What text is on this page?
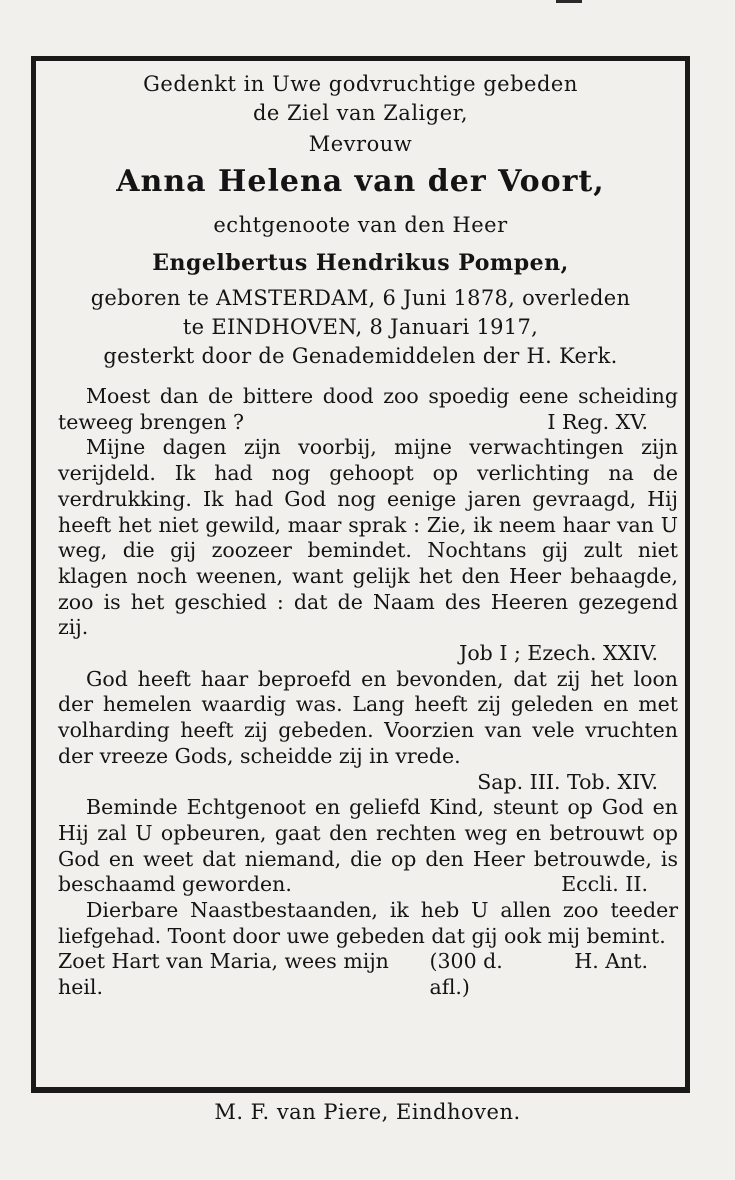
Gedenkt in Uwe godvruchtige gebeden

de Ziel van Zaliger,

Mevrouw

Anna Helena van der Voort,

echtgenoote van den Heer

Engelbertus Hendrikus Pompen,

geboren te AMSTERDAM, 6 Juni 1878, overleden

te EINDHOVEN, 8 Januari 1917,

gesterkt door de Genademiddelen der H. Kerk.

Moest dan de bittere dood zoo spoedig eene scheiding teweeg brengen ?	I Reg. XV.

Mijne dagen zijn voorbij, mijne verwachtingen zijn verijdeld. Ik had nog gehoopt op verlichting na de verdrukking. Ik had God nog eenige jaren gevraagd, Hij heeft het niet gewild, maar sprak : Zie, ik neem haar van U weg, die gij zoozeer bemindet. Nochtans gij zult niet klagen noch weenen, want gelijk het den Heer behaagde, zoo is het geschied : dat de Naam des Heeren gezegend zij.

Job I ; Ezech. XXIV.

God heeft haar beproefd en bevonden, dat zij het loon der hemelen waardig was. Lang heeft zij geleden en met volharding heeft zij gebeden. Voorzien van vele vruchten der vreeze Gods, scheidde zij in vrede.

Sap. III. Tob. XIV.

Beminde Echtgenoot en geliefd Kind, steunt op God en Hij zal U opbeuren, gaat den rechten weg en betrouwt op God en weet dat niemand, die op den Heer betrouwde, is beschaamd geworden.	Eccli. II.

Dierbare Naastbestaanden, ik heb U allen zoo teeder liefgehad. Toont door uwe gebeden dat gij ook mij bemint.
H. Ant.

Zoet Hart van Maria, wees mijn heil.
(300 d. afl.)

M. F. van Piere, Eindhoven.
